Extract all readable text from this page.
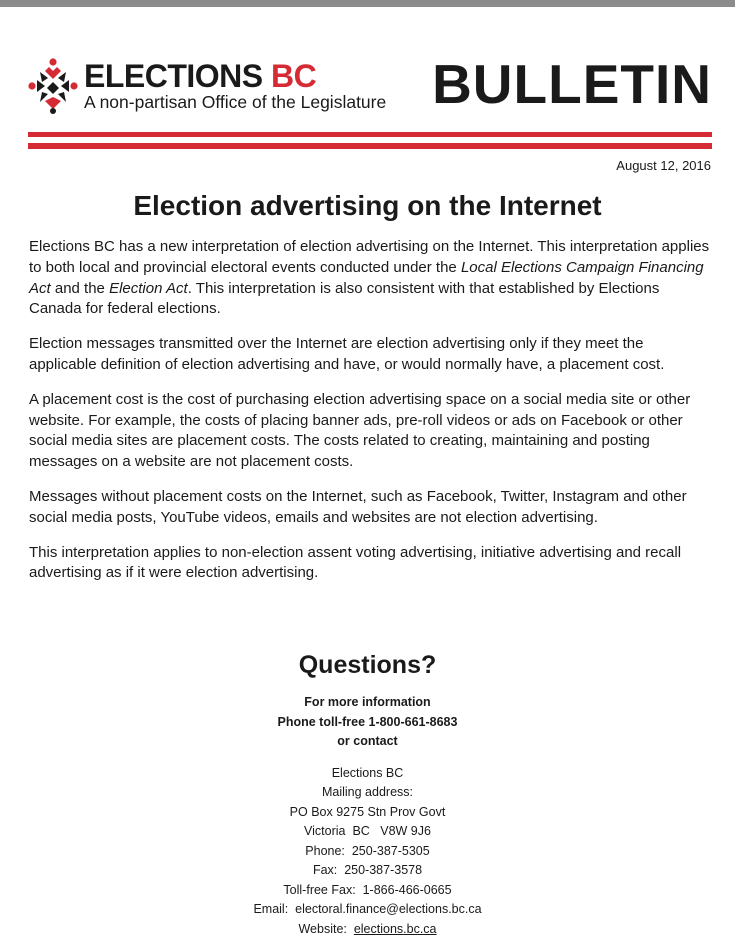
ELECTIONS BC
A non-partisan Office of the Legislature BULLETIN
August 12, 2016
Election advertising on the Internet

Elections BC has a new interpretation of election advertising on the Internet. This interpretation applies to both local and provincial electoral events conducted under the Local Elections Campaign Financing Act and the Election Act. This interpretation is also consistent with that established by Elections Canada for federal elections.

Election messages transmitted over the Internet are election advertising only if they meet the applicable definition of election advertising and have, or would normally have, a placement cost.

A placement cost is the cost of purchasing election advertising space on a social media site or other website. For example, the costs of placing banner ads, pre-roll videos or ads on Facebook or other social media sites are placement costs. The costs related to creating, maintaining and posting messages on a website are not placement costs.

Messages without placement costs on the Internet, such as Facebook, Twitter, Instagram and other social media posts, YouTube videos, emails and websites are not election advertising.

This interpretation applies to non-election assent voting advertising, initiative advertising and recall advertising as if it were election advertising.

Questions?
For more information
Phone toll-free 1-800-661-8683
or contact
Elections BC
Mailing address:
PO Box 9275 Stn Prov Govt
Victoria  BC   V8W 9J6
Phone:  250-387-5305
Fax:  250-387-3578
Toll-free Fax:  1-866-466-0665
Email:  electoral.finance@elections.bc.ca
Website:  elections.bc.ca
